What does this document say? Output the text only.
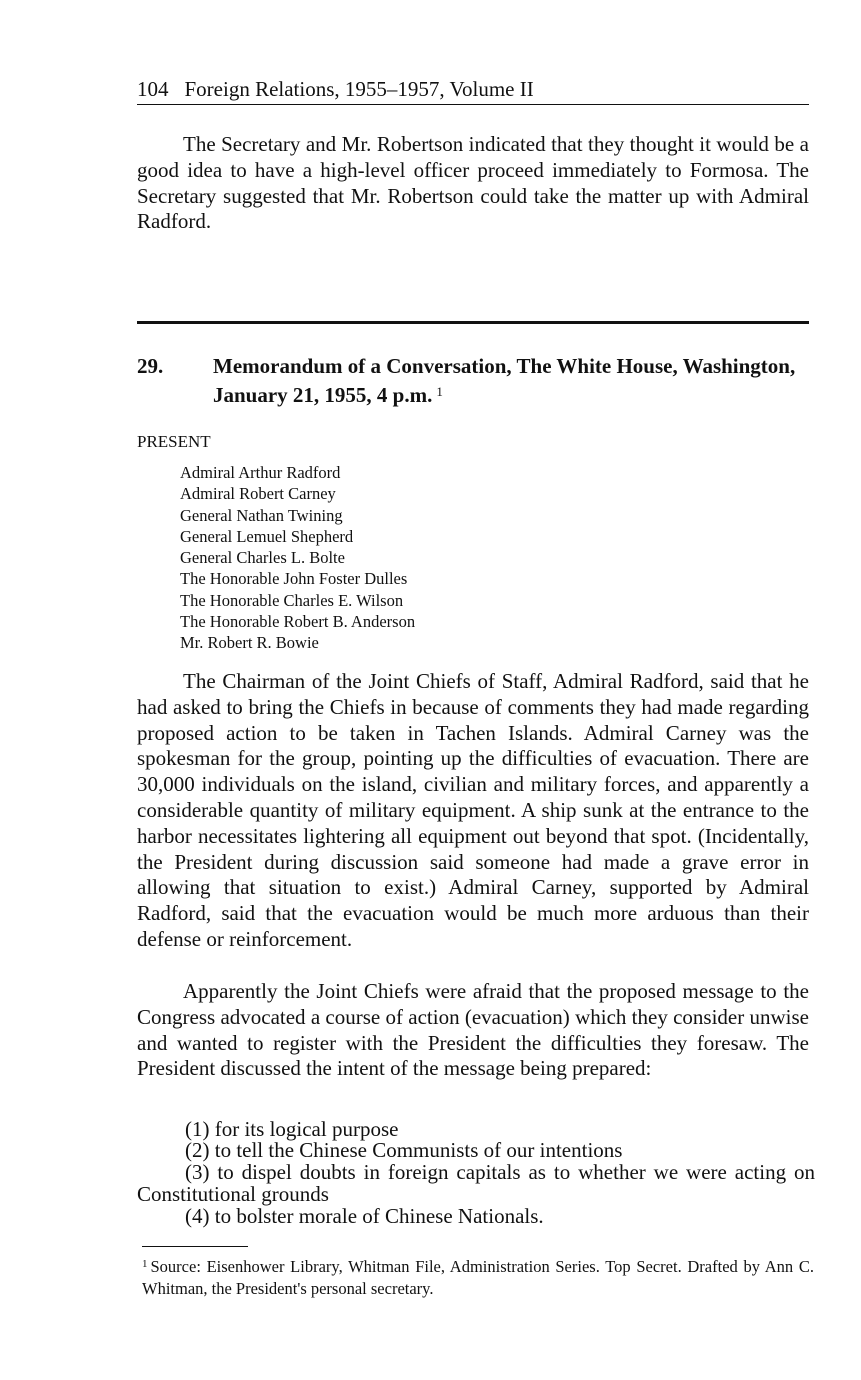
104 Foreign Relations, 1955–1957, Volume II

The Secretary and Mr. Robertson indicated that they thought it would be a good idea to have a high-level officer proceed immediately to Formosa. The Secretary suggested that Mr. Robertson could take the matter up with Admiral Radford.

29. Memorandum of a Conversation, The White House, Washington, January 21, 1955, 4 p.m. $^1$
PRESENT
Admiral Arthur Radford
Admiral Robert Carney
General Nathan Twining
General Lemuel Shepherd
General Charles L. Bolte
The Honorable John Foster Dulles
The Honorable Charles E. Wilson
The Honorable Robert B. Anderson
Mr. Robert R. Bowie

The Chairman of the Joint Chiefs of Staff, Admiral Radford, said that he had asked to bring the Chiefs in because of comments they had made regarding proposed action to be taken in Tachen Islands. Admiral Carney was the spokesman for the group, pointing up the difficulties of evacuation. There are 30,000 individuals on the island, civilian and military forces, and apparently a considerable quantity of military equipment. A ship sunk at the entrance to the harbor necessitates lightering all equipment out beyond that spot. (Incidentally, the President during discussion said someone had made a grave error in allowing that situation to exist.) Admiral Carney, supported by Admiral Radford, said that the evacuation would be much more arduous than their defense or reinforcement.

Apparently the Joint Chiefs were afraid that the proposed message to the Congress advocated a course of action (evacuation) which they consider unwise and wanted to register with the President the difficulties they foresaw. The President discussed the intent of the message being prepared:

(1) for its logical purpose

(2) to tell the Chinese Communists of our intentions

(3) to dispel doubts in foreign capitals as to whether we were acting on Constitutional grounds

(4) to bolster morale of Chinese Nationals.

$^1$ Source: Eisenhower Library, Whitman File, Administration Series. Top Secret. Drafted by Ann C. Whitman, the President's personal secretary.
